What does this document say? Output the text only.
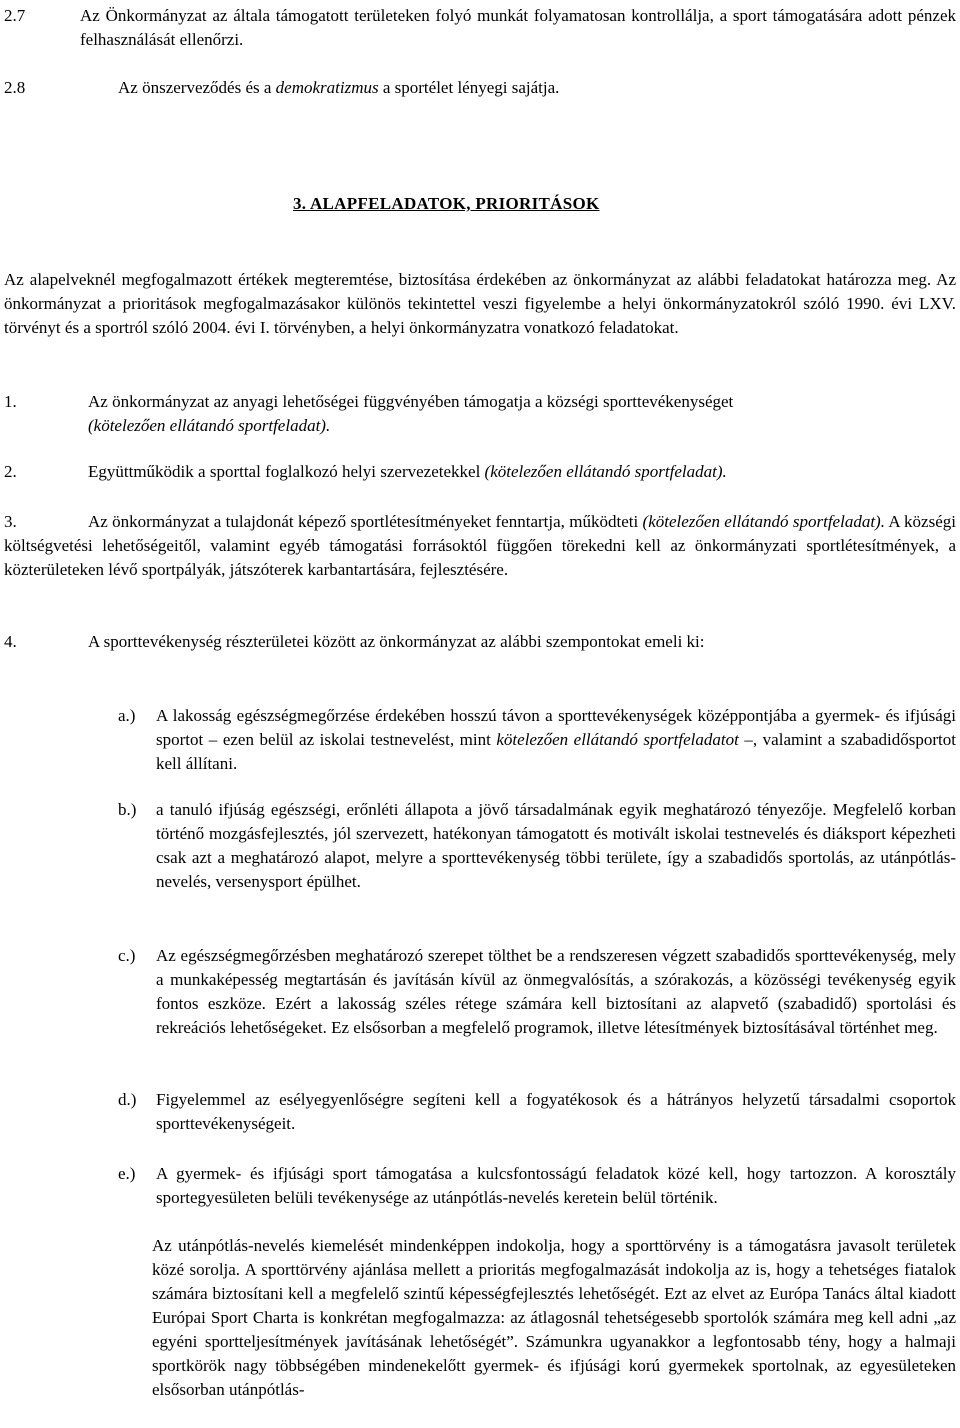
2.7	Az Önkormányzat az általa támogatott területeken folyó munkát folyamatosan kontrollálja, a sport támogatására adott pénzek felhasználását ellenőrzi.
2.8	Az önszerveződés és a demokratizmus a sportélet lényegi sajátja.
3. ALAPFELADATOK, PRIORITÁSOK
Az alapelveknél megfogalmazott értékek megteremtése, biztosítása érdekében az önkormányzat az alábbi feladatokat határozza meg. Az önkormányzat a prioritások megfogalmazásakor különös tekintettel veszi figyelembe a helyi önkormányzatokról szóló 1990. évi LXV. törvényt és a sportról szóló 2004. évi I. törvényben, a helyi önkormányzatra vonatkozó feladatokat.
1.	Az önkormányzat az anyagi lehetőségei függvényében támogatja a községi sporttevékenységet
(kötelezően ellátandó sportfeladat).
2.	Együttműködik a sporttal foglalkozó helyi szervezetekkel (kötelezően ellátandó sportfeladat).
3.	Az önkormányzat a tulajdonát képező sportlétesítményeket fenntartja, működteti (kötelezően ellátandó sportfeladat). A községi költségvetési lehetőségeitől, valamint egyéb támogatási forrásoktól függően törekedni kell az önkormányzati sportlétesítmények, a közterületeken lévő sportpályák, játszóterek karbantartására, fejlesztésére.
4.	A sporttevékenység részterületei között az önkormányzat az alábbi szempontokat emeli ki:
a.) A lakosság egészségmegőrzése érdekében hosszú távon a sporttevékenységek középpontjába a gyermek- és ifjúsági sportot – ezen belül az iskolai testnevelést, mint kötelezően ellátandó sportfeladatot –, valamint a szabadidősportot kell állítani.
b.) a tanuló ifjúság egészségi, erőnléti állapota a jövő társadalmának egyik meghatározó tényezője. Megfelelő korban történő mozgásfejlesztés, jól szervezett, hatékonyan támogatott és motivált iskolai testnevelés és diáksport képezheti csak azt a meghatározó alapot, melyre a sporttevékenység többi területe, így a szabadidős sportolás, az utánpótlás-nevelés, versenysport épülhet.
c.) Az egészségmegőrzésben meghatározó szerepet tölthet be a rendszeresen végzett szabadidős sporttevékenység, mely a munkaképesség megtartásán és javításán kívül az önmegvalósítás, a szórakozás, a közösségi tevékenység egyik fontos eszköze. Ezért a lakosság széles rétege számára kell biztosítani az alapvető (szabadidő) sportolási és rekreációs lehetőségeket. Ez elsősorban a megfelelő programok, illetve létesítmények biztosításával történhet meg.
d.) Figyelemmel az esélyegyenlőségre segíteni kell a fogyatékosok és a hátrányos helyzetű társadalmi csoportok sporttevékenységeit.
e.) A gyermek- és ifjúsági sport támogatása a kulcsfontosságú feladatok közé kell, hogy tartozzon. A korosztály sportegyesületen belüli tevékenysége az utánpótlás-nevelés keretein belül történik.
Az utánpótlás-nevelés kiemelését mindenképpen indokolja, hogy a sporttörvény is a támogatásra javasolt területek közé sorolja. A sporttörvény ajánlása mellett a prioritás megfogalmazását indokolja az is, hogy a tehetséges fiatalok számára biztosítani kell a megfelelő szintű képességfejlesztés lehetőségét. Ezt az elvet az Európa Tanács által kiadott Európai Sport Charta is konkrétan megfogalmazza: az átlagosnál tehetségesebb sportolók számára meg kell adni „az egyéni sportteljesítmények javításának lehetőségét”. Számunkra ugyanakkor a legfontosabb tény, hogy a halmaji sportkörök nagy többségében mindenekelőtt gyermek- és ifjúsági korú gyermekek sportolnak, az egyesületeken elsősorban utánpótlás-
